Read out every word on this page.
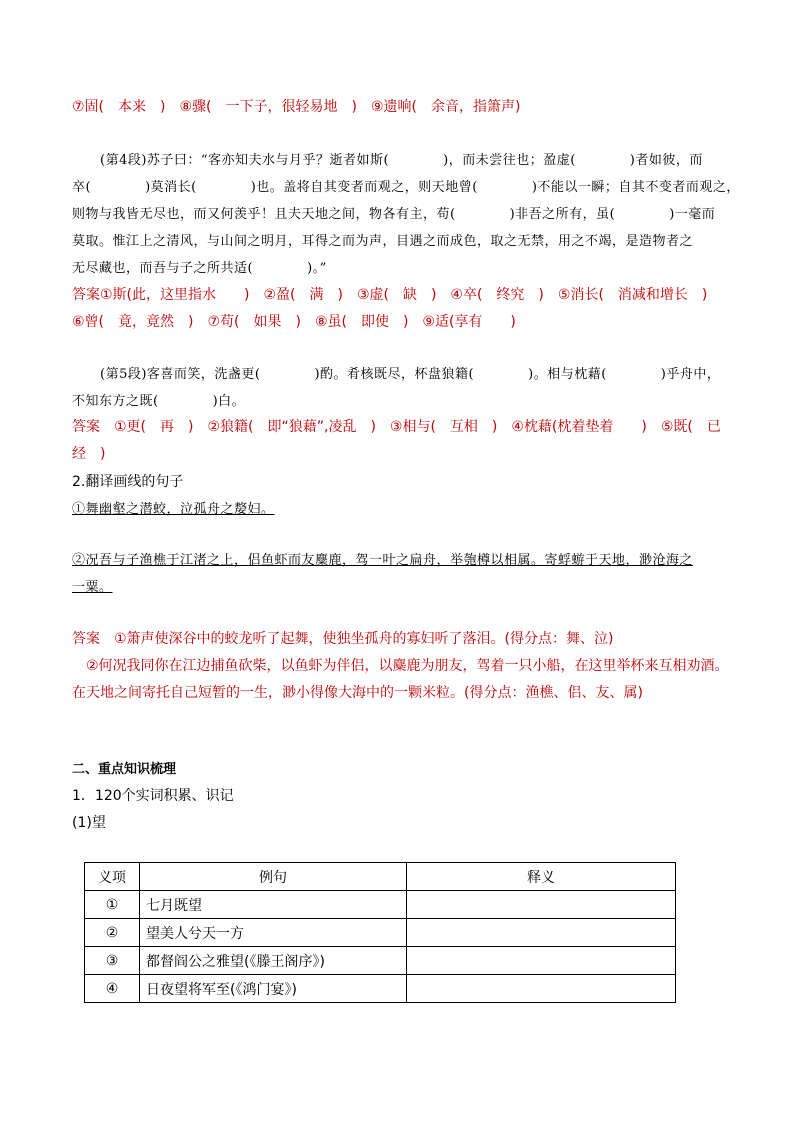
⑦固(　本来　)　⑧骤(　一下子，很轻易地　)　⑨遗响(　余音，指箫声)
(第4段)苏子曰：“客亦知夫水与月乎？逝者如斯(　　　　)，而未尝往也；盈虚(　　　　)者如彼，而
卒(　　　　)莫消长(　　　　)也。盖将自其变者而观之，则天地曾(　　　　)不能以一瞬；自其不变者而观之，
则物与我皆无尽也，而又何羡乎！且夫天地之间，物各有主，苟(　　　　)非吾之所有，虽(　　　　)一毫而
莫取。惟江上之清风，与山间之明月，耳得之而为声，目遇之而成色，取之无禁，用之不竭，是造物者之
无尽藏也，而吾与子之所共适(　　　　)。”
答案①斯(此，这里指水　　)　②盈(　满　)　③虚(　缺　)　④卒(　终究　)　⑤消长(　消减和增长　)
⑥曾(　竟，竟然　)　⑦苟(　如果　)　⑧虽(　即使　)　⑨适(享有　　)
(第5段)客喜而笑，洗盏更(　　　　)酌。肴核既尽，杯盘狼籍(　　　　)。相与枕藉(　　　　)乎舟中，
不知东方之既(　　　　)白。
答案　①更(　再　)　②狼籍(　即“狼藉”,凌乱　)　③相与(　互相　)　④枕藉(枕着垫着　　)　⑤既(　已
经　)
2.翻译画线的句子
①舞幽壑之潜蛟，泣孤舟之嫠妇。
②况吾与子渔樵于江渚之上，侣鱼虾而友麋鹿，驾一叶之扁舟，举匏樽以相属。寄蜉蝣于天地，渺沧海之
一粟。
答案　①箫声使深谷中的蛟龙听了起舞，使独坐孤舟的寡妇听了落泪。(得分点：舞、泣)
　②何况我同你在江边捕鱼砍柴，以鱼虾为伴侣，以麋鹿为朋友，驾着一只小船，在这里举杯来互相劝酒。
在天地之间寄托自己短暂的一生，渺小得像大海中的一颗米粒。(得分点：渔樵、侣、友、属)
二、重点知识梳理
1．120个实词积累、识记
(1)望
义项	例句	释义
①	七月既望	
②	望美人兮天一方	
③	都督阎公之雅望(《滕王阁序》)	
④	日夜望将军至(《鸿门宴》)	
